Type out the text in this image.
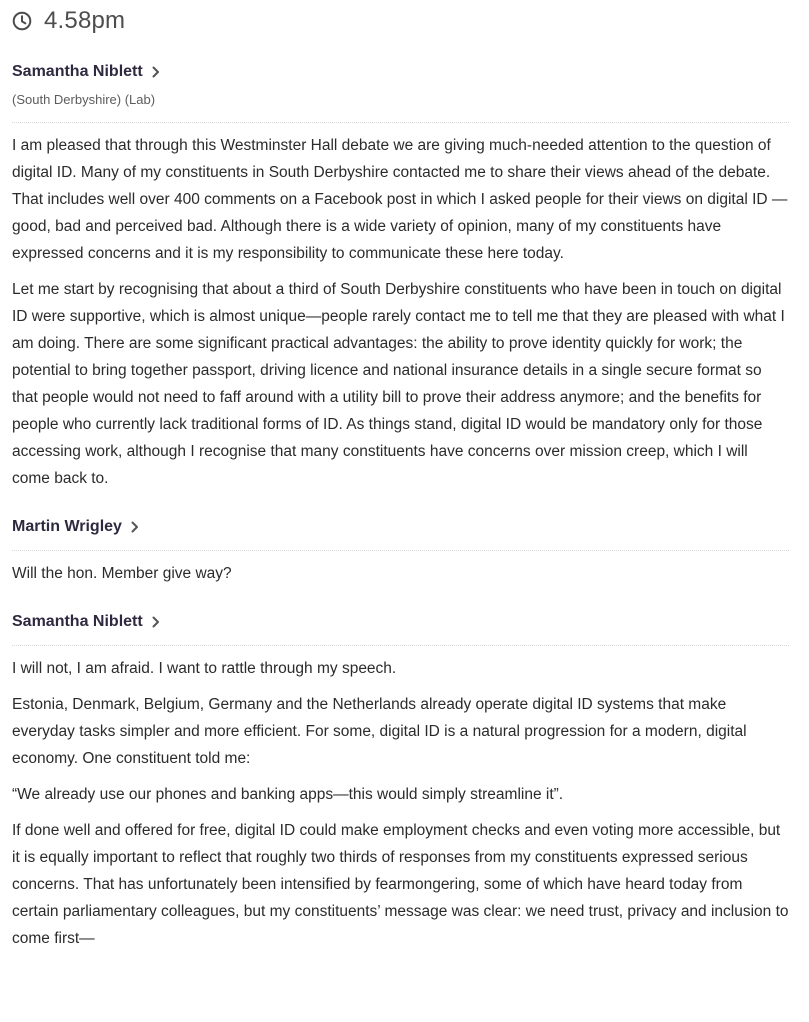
4.58pm
Samantha Niblett
(South Derbyshire) (Lab)

I am pleased that through this Westminster Hall debate we are giving much-needed attention to the question of digital ID. Many of my constituents in South Derbyshire contacted me to share their views ahead of the debate. That includes well over 400 comments on a Facebook post in which I asked people for their views on digital ID —good, bad and perceived bad. Although there is a wide variety of opinion, many of my constituents have expressed concerns and it is my responsibility to communicate these here today.

Let me start by recognising that about a third of South Derbyshire constituents who have been in touch on digital ID were supportive, which is almost unique—people rarely contact me to tell me that they are pleased with what I am doing. There are some significant practical advantages: the ability to prove identity quickly for work; the potential to bring together passport, driving licence and national insurance details in a single secure format so that people would not need to faff around with a utility bill to prove their address anymore; and the benefits for people who currently lack traditional forms of ID. As things stand, digital ID would be mandatory only for those accessing work, although I recognise that many constituents have concerns over mission creep, which I will come back to.

Martin Wrigley

Will the hon. Member give way?

Samantha Niblett

I will not, I am afraid. I want to rattle through my speech.

Estonia, Denmark, Belgium, Germany and the Netherlands already operate digital ID systems that make everyday tasks simpler and more efficient. For some, digital ID is a natural progression for a modern, digital economy. One constituent told me:

“We already use our phones and banking apps—this would simply streamline it”.

If done well and offered for free, digital ID could make employment checks and even voting more accessible, but it is equally important to reflect that roughly two thirds of responses from my constituents expressed serious concerns. That has unfortunately been intensified by fearmongering, some of which have heard today from certain parliamentary colleagues, but my constituents’ message was clear: we need trust, privacy and inclusion to come first—
